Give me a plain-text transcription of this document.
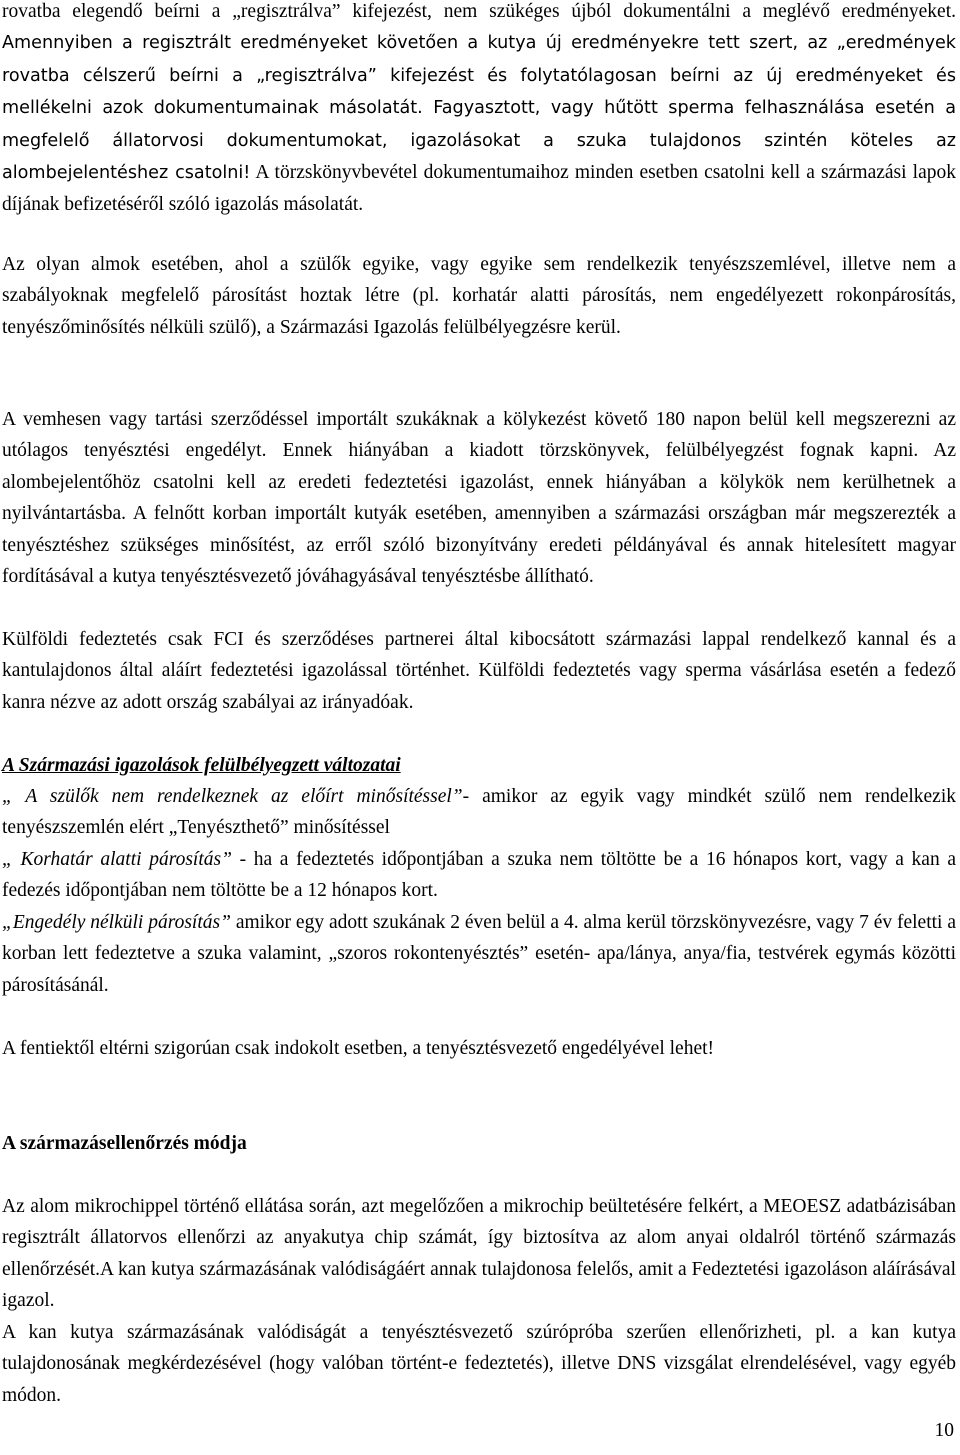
rovatba elegendő beírni a „regisztrálva” kifejezést, nem szükéges újból dokumentálni a meglévő eredményeket. Amennyiben a regisztrált eredményeket követően a kutya új eredményekre tett szert, az „eredmények rovatba célszerű beírni a „regisztrálva” kifejezést és folytatólagosan beírni az új eredményeket és mellékelni azok dokumentumainak másolatát. Fagyasztott, vagy hűtött sperma felhasználása esetén a megfelelő állatorvosi dokumentumokat, igazolásokat a szuka tulajdonos szintén köteles az alombejelentéshez csatolni! A törzskönyvbevétel dokumentumaihoz minden esetben csatolni kell a származási lapok díjának befizetéséről szóló igazolás másolatát.

Az olyan almok esetében, ahol a szülők egyike, vagy egyike sem rendelkezik tenyészszemlével, illetve nem a szabályoknak megfelelő párosítást hoztak létre (pl. korhatár alatti párosítás, nem engedélyezett rokonpárosítás, tenyészőminősítés nélküli szülő), a Származási Igazolás felülbélyegzésre kerül.

A vemhesen vagy tartási szerződéssel importált szukáknak a kölykezést követő 180 napon belül kell megszerezni az utólagos tenyésztési engedélyt. Ennek hiányában a kiadott törzskönyvek, felülbélyegzést fognak kapni. Az alombejelentőhöz csatolni kell az eredeti fedeztetési igazolást, ennek hiányában a kölykök nem kerülhetnek a nyilvántartásba. A felnőtt korban importált kutyák esetében, amennyiben a származási országban már megszerezték a tenyésztéshez szükséges minősítést, az erről szóló bizonyítvány eredeti példányával és annak hitelesített magyar fordításával a kutya tenyésztésvezető jóváhagyásával tenyésztésbe állítható.

Külföldi fedeztetés csak FCI és szerződéses partnerei által kibocsátott származási lappal rendelkező kannal és a kantulajdonos által aláírt fedeztetési igazolással történhet. Külföldi fedeztetés vagy sperma vásárlása esetén a fedező kanra nézve az adott ország szabályai az irányadóak.

A Származási igazolások felülbélyegzett változatai

„ A szülők nem rendelkeznek az előírt minősítéssel”- amikor az egyik vagy mindkét szülő nem rendelkezik tenyészszemlén elért „Tenyészthető” minősítéssel

„ Korhatár alatti párosítás” - ha a fedeztetés időpontjában a szuka nem töltötte be a 16 hónapos kort, vagy a kan a fedezés időpontjában nem töltötte be a 12 hónapos kort.

„Engedély nélküli párosítás” amikor egy adott szukának 2 éven belül a 4. alma kerül törzskönyvezésre, vagy 7 év feletti a korban lett fedeztetve a szuka valamint, „szoros rokontenyésztés” esetén- apa/lánya, anya/fia, testvérek egymás közötti párosításánál.

A fentiektől eltérni szigorúan csak indokolt esetben, a tenyésztésvezető engedélyével lehet!

A származásellenőrzés módja

Az alom mikrochippel történő ellátása során, azt megelőzően a mikrochip beültetésére felkért, a MEOESZ adatbázisában regisztrált állatorvos ellenőrzi az anyakutya chip számát, így biztosítva az alom anyai oldalról történő származás ellenőrzését.A kan kutya származásának valódiságáért annak tulajdonosa felelős, amit a Fedeztetési igazoláson aláírásával igazol.

A kan kutya származásának valódiságát a tenyésztésvezető szúrópróba szerűen ellenőrizheti, pl. a kan kutya tulajdonosának megkérdezésével (hogy valóban történt-e fedeztetés), illetve DNS vizsgálat elrendelésével, vagy egyéb módon.

10
